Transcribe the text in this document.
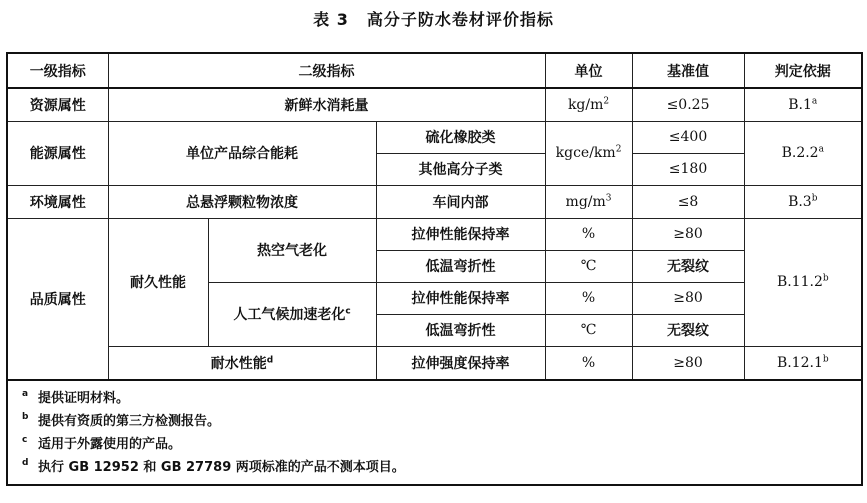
表 3 高分子防水卷材评价指标
一级指标	二级指标			单位	基准值	判定依据
资源属性	新鲜水消耗量			$kg/m^2$	≤0.25	B.1$^a$
能源属性	单位产品综合能耗		硫化橡胶类	kgce/$km^2$	≤400	B.2.2$^a$
			其他高分子类		≤180	
环境属性	总悬浮颗粒物浓度		车间内部	$mg/m^3$	≤8	B.3$^b$
品质属性	耐久性能	热空气老化	拉伸性能保持率	%	≥80	B.11.2$^b$
			低温弯折性	℃	无裂纹	
		人工气候加速老化$^c$	拉伸性能保持率	%	≥80	
			低温弯折性	℃	无裂纹	
	耐水性能$^d$		拉伸强度保持率	%	≥80	B.12.1$^b$

a 提供证明材料。
b 提供有资质的第三方检测报告。
c 适用于外露使用的产品。
d 执行 GB 12952 和 GB 27789 两项标准的产品不测本项目。						
